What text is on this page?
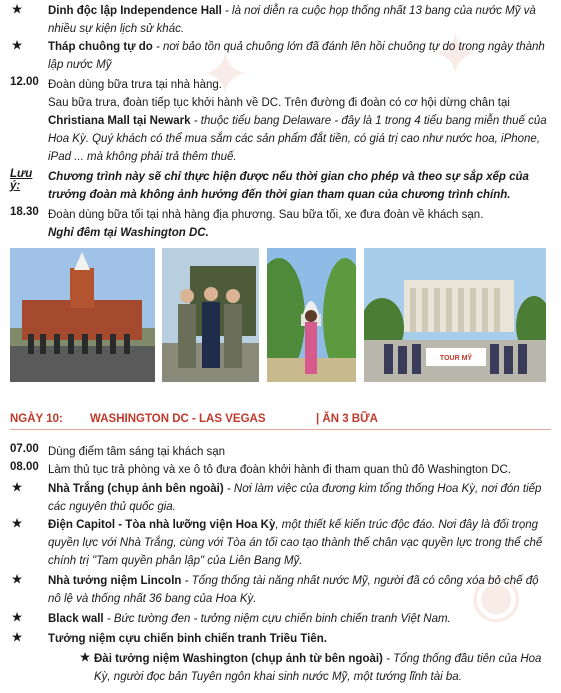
✦
✦
◉
★ Dinh độc lập Independence Hall - là nơi diễn ra cuộc họp thống nhất 13 bang của nước Mỹ và nhiều sự kiện lịch sử khác.
★ Tháp chuông tự do - nơi bảo tồn quả chuông lớn đã đánh lên hồi chuông tự do trong ngày thành lập nước Mỹ
12.00 Đoàn dùng bữa trưa tại nhà hàng.
Sau bữa trưa, đoàn tiếp tục khởi hành về DC. Trên đường đi đoàn có cơ hội dừng chân tại
Christiana Mall tại Newark - thuộc tiểu bang Delaware - đây là 1 trong 4 tiểu bang miễn thuế của Hoa Kỳ. Quý khách có thể mua sắm các sản phẩm đắt tiền, có giá trị cao như nước hoa, iPhone, iPad ... mà không phải trả thêm thuế.
Lưu ý:
Chương trình này sẽ chỉ thực hiện được nếu thời gian cho phép và theo sự sắp xếp của trưởng đoàn mà không ảnh hưởng đến thời gian tham quan của chương trình chính.
18.30 Đoàn dùng bữa tối tại nhà hàng địa phương. Sau bữa tối, xe đưa đoàn về khách sạn.
Nghỉ đêm tại Washington DC.
TOUR MỸ
NGÀY 10: WASHINGTON DC - LAS VEGAS	| ĂN 3 BỮA
07.00 Dùng điểm tâm sáng tại khách sạn
08.00 Làm thủ tục trả phòng và xe ô tô đưa đoàn khởi hành đi tham quan thủ đô Washington DC.
★ Nhà Trắng (chụp ảnh bên ngoài) - Nơi làm việc của đương kim tổng thống Hoa Kỳ, nơi đón tiếp các nguyên thủ quốc gia.
★ Điện Capitol - Tòa nhà lưỡng viện Hoa Kỳ, một thiết kế kiến trúc độc đáo. Nơi đây là đối trọng quyền lực với Nhà Trắng, cùng với Tòa án tối cao tạo thành thế chân vạc quyền lực trong thể chế chính trị "Tam quyền phân lập" của Liên Bang Mỹ.
★ Nhà tưởng niệm Lincoln - Tổng thống tài năng nhất nước Mỹ, người đã có công xóa bỏ chế độ nô lệ và thống nhất 36 bang của Hoa Kỳ.
★ Black wall - Bức tường đen - tưởng niệm cựu chiến binh chiến tranh Việt Nam.
★ Tưởng niệm cựu chiến binh chiến tranh Triều Tiên.
★ Đài tưởng niệm Washington (chụp ảnh từ bên ngoài) - Tổng thống đầu tiên của Hoa Kỳ, người đọc bản Tuyên ngôn khai sinh nước Mỹ, một tướng lĩnh tài ba.
